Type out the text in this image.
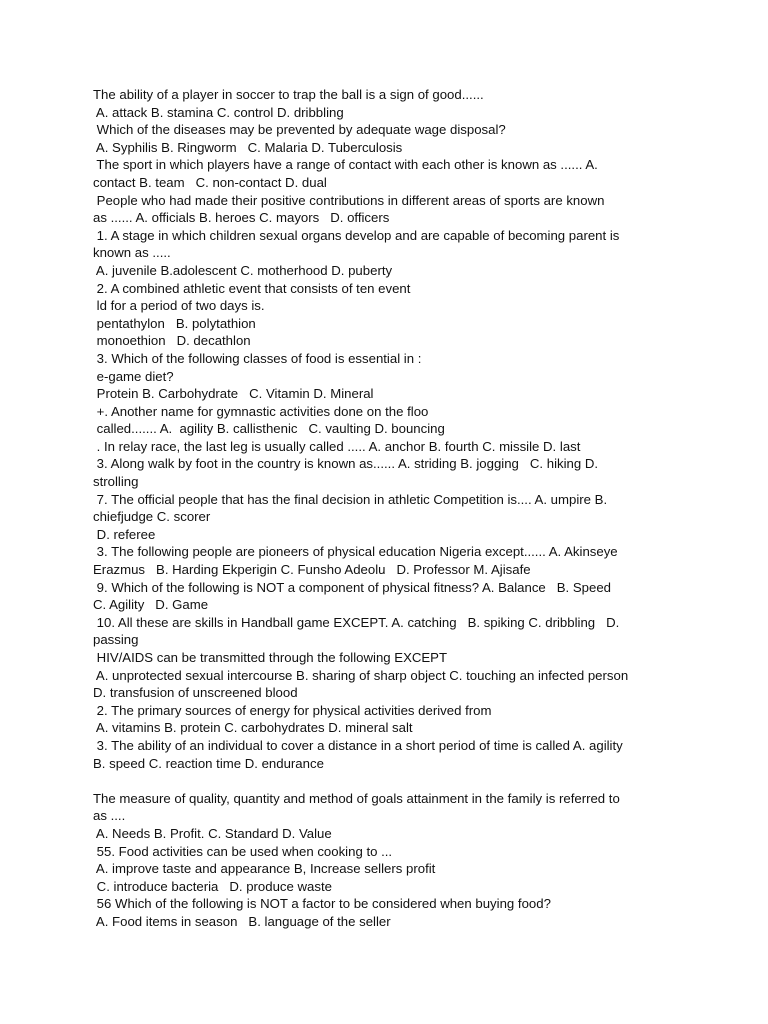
The ability of a player in soccer to trap the ball is a sign of good......
A. attack B. stamina C. control D. dribbling
Which of the diseases may be prevented by adequate wage disposal?
A. Syphilis B. Ringworm   C. Malaria D. Tuberculosis
The sport in which players have a range of contact with each other is known as ...... A.
contact B. team   C. non-contact D. dual
People who had made their positive contributions in different areas of sports are known
as ...... A. officials B. heroes C. mayors   D. officers
1. A stage in which children sexual organs develop and are capable of becoming parent is
known as .....
A. juvenile B.adolescent C. motherhood D. puberty
2. A combined athletic event that consists of ten event
ld for a period of two days is.
pentathylon   B. polytathion
monoethion   D. decathlon
3. Which of the following classes of food is essential in :
e-game diet?
Protein B. Carbohydrate   C. Vitamin D. Mineral
+. Another name for gymnastic activities done on the floo
called....... A.  agility B. callisthenic   C. vaulting D. bouncing
. In relay race, the last leg is usually called ..... A. anchor B. fourth C. missile D. last
3. Along walk by foot in the country is known as...... A. striding B. jogging   C. hiking D.
strolling
7. The official people that has the final decision in athletic Competition is.... A. umpire B.
chiefjudge C. scorer
D. referee
3. The following people are pioneers of physical education Nigeria except...... A. Akinseye
Erazmus   B. Harding Ekperigin C. Funsho Adeolu   D. Professor M. Ajisafe
9. Which of the following is NOT a component of physical fitness? A. Balance   B. Speed
C. Agility   D. Game
10. All these are skills in Handball game EXCEPT. A. catching   B. spiking C. dribbling   D.
passing
HIV/AIDS can be transmitted through the following EXCEPT
A. unprotected sexual intercourse B. sharing of sharp object C. touching an infected person
D. transfusion of unscreened blood
2. The primary sources of energy for physical activities derived from
A. vitamins B. protein C. carbohydrates D. mineral salt
3. The ability of an individual to cover a distance in a short period of time is called A. agility
B. speed C. reaction time D. endurance
The measure of quality, quantity and method of goals attainment in the family is referred to
as ....
A. Needs B. Profit. C. Standard D. Value
55. Food activities can be used when cooking to ...
A. improve taste and appearance B, Increase sellers profit
C. introduce bacteria   D. produce waste
56 Which of the following is NOT a factor to be considered when buying food?
A. Food items in season   B. language of the seller
